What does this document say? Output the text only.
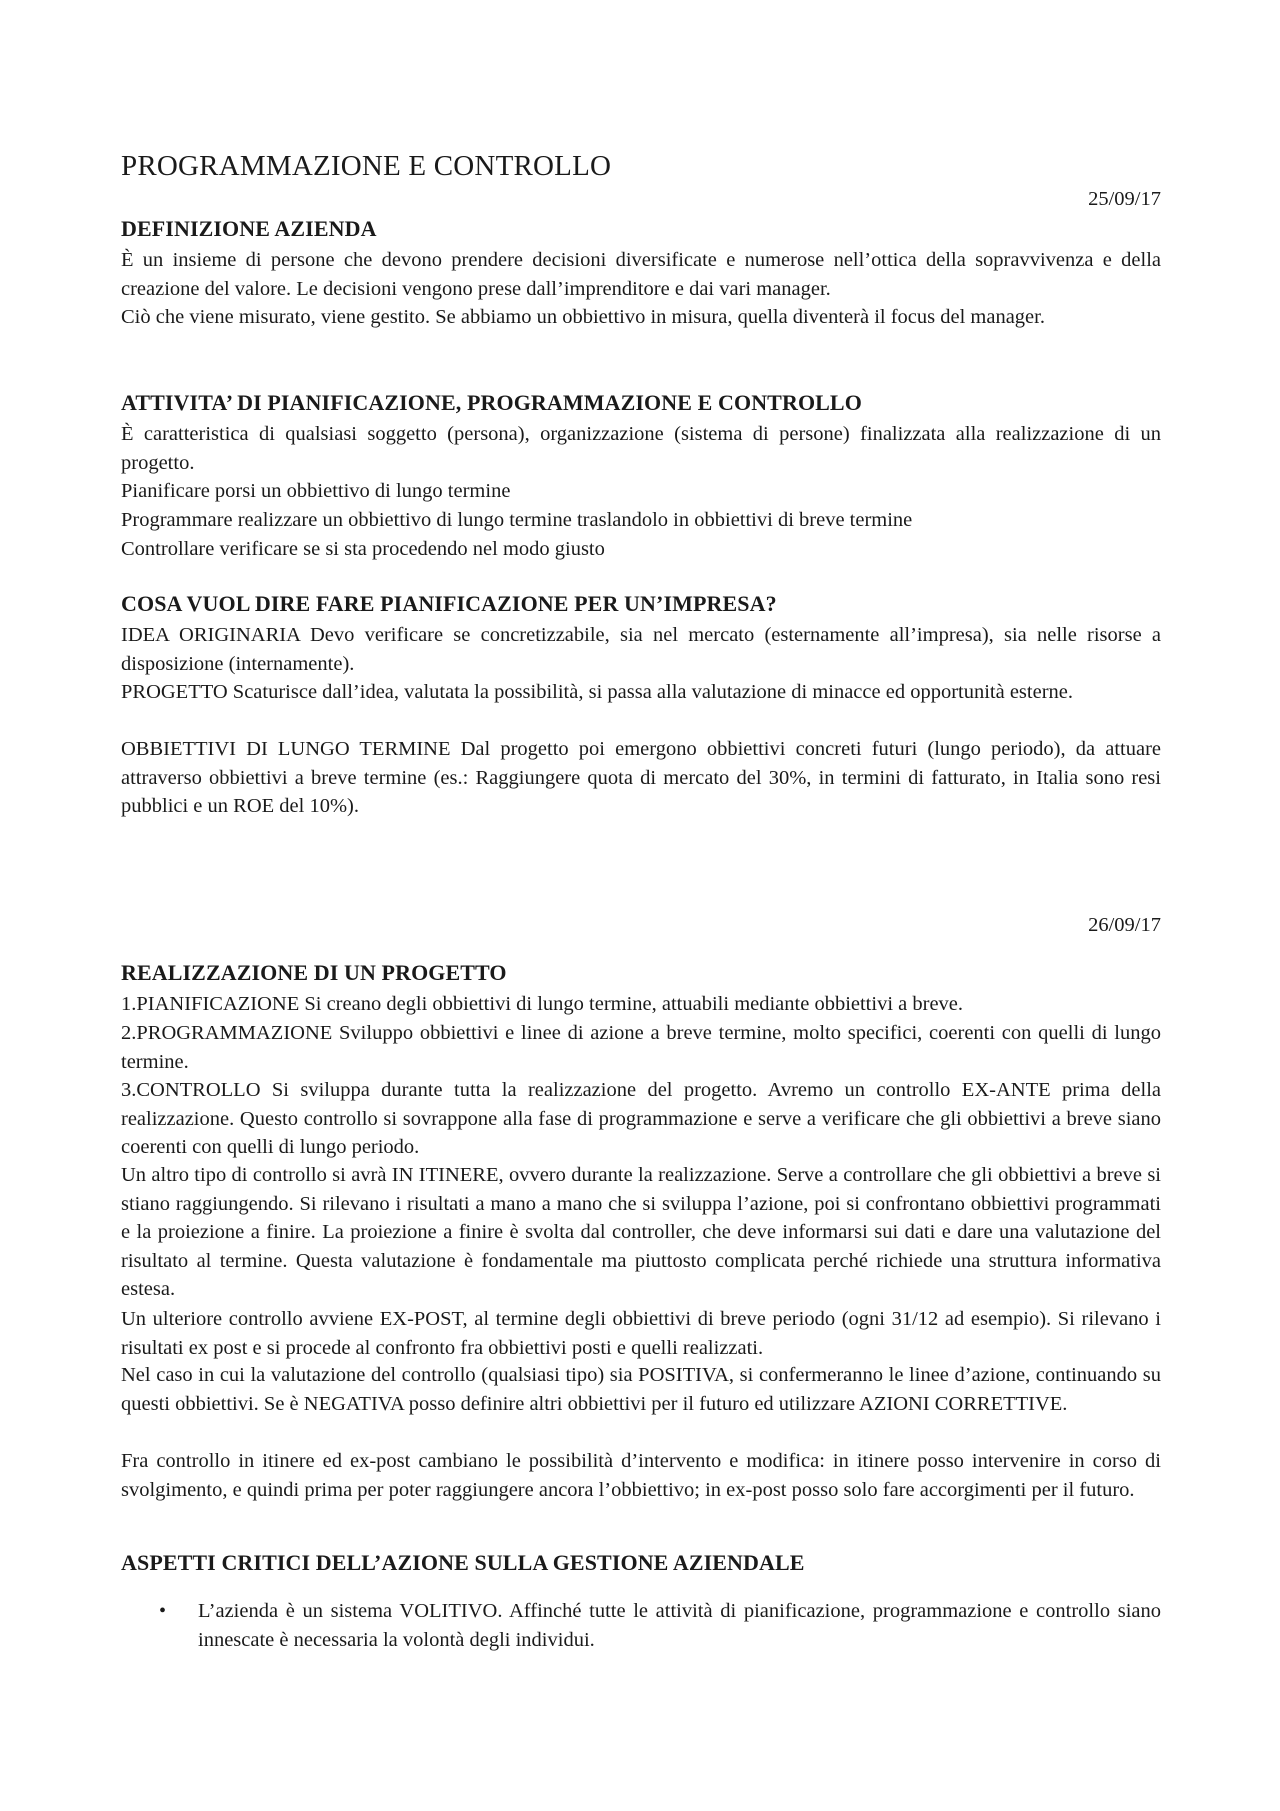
PROGRAMMAZIONE E CONTROLLO
25/09/17
DEFINIZIONE AZIENDA

È un insieme di persone che devono prendere decisioni diversificate e numerose nell’ottica della sopravvivenza e della creazione del valore. Le decisioni vengono prese dall’imprenditore e dai vari manager.

Ciò che viene misurato, viene gestito. Se abbiamo un obbiettivo in misura, quella diventerà il focus del manager.

ATTIVITA’ DI PIANIFICAZIONE, PROGRAMMAZIONE E CONTROLLO

È caratteristica di qualsiasi soggetto (persona), organizzazione (sistema di persone) finalizzata alla realizzazione di un progetto.

Pianificare porsi un obbiettivo di lungo termine
Programmare realizzare un obbiettivo di lungo termine traslandolo in obbiettivi di breve termine
Controllare verificare se si sta procedendo nel modo giusto
COSA VUOL DIRE FARE PIANIFICAZIONE PER UN’IMPRESA?

IDEA ORIGINARIA Devo verificare se concretizzabile, sia nel mercato (esternamente all’impresa), sia nelle risorse a disposizione (internamente).

PROGETTO Scaturisce dall’idea, valutata la possibilità, si passa alla valutazione di minacce ed opportunità esterne.

OBBIETTIVI DI LUNGO TERMINE Dal progetto poi emergono obbiettivi concreti futuri (lungo periodo), da attuare attraverso obbiettivi a breve termine (es.: Raggiungere quota di mercato del 30%, in termini di fatturato, in Italia sono resi pubblici e un ROE del 10%).

26/09/17
REALIZZAZIONE DI UN PROGETTO

1.PIANIFICAZIONE Si creano degli obbiettivi di lungo termine, attuabili mediante obbiettivi a breve.

2.PROGRAMMAZIONE Sviluppo obbiettivi e linee di azione a breve termine, molto specifici, coerenti con quelli di lungo termine.

3.CONTROLLO Si sviluppa durante tutta la realizzazione del progetto. Avremo un controllo EX-ANTE prima della realizzazione. Questo controllo si sovrappone alla fase di programmazione e serve a verificare che gli obbiettivi a breve siano coerenti con quelli di lungo periodo.

Un altro tipo di controllo si avrà IN ITINERE, ovvero durante la realizzazione. Serve a controllare che gli obbiettivi a breve si stiano raggiungendo. Si rilevano i risultati a mano a mano che si sviluppa l’azione, poi si confrontano obbiettivi programmati e la proiezione a finire. La proiezione a finire è svolta dal controller, che deve informarsi sui dati e dare una valutazione del risultato al termine. Questa valutazione è fondamentale ma piuttosto complicata perché richiede una struttura informativa estesa.

Un ulteriore controllo avviene EX-POST, al termine degli obbiettivi di breve periodo (ogni 31/12 ad esempio). Si rilevano i risultati ex post e si procede al confronto fra obbiettivi posti e quelli realizzati.

Nel caso in cui la valutazione del controllo (qualsiasi tipo) sia POSITIVA, si confermeranno le linee d’azione, continuando su questi obbiettivi. Se è NEGATIVA posso definire altri obbiettivi per il futuro ed utilizzare AZIONI CORRETTIVE.

Fra controllo in itinere ed ex-post cambiano le possibilità d’intervento e modifica: in itinere posso intervenire in corso di svolgimento, e quindi prima per poter raggiungere ancora l’obbiettivo; in ex-post posso solo fare accorgimenti per il futuro.

ASPETTI CRITICI DELL’AZIONE SULLA GESTIONE AZIENDALE
• L’azienda è un sistema VOLITIVO. Affinché tutte le attività di pianificazione, programmazione e controllo siano innescate è necessaria la volontà degli individui.
